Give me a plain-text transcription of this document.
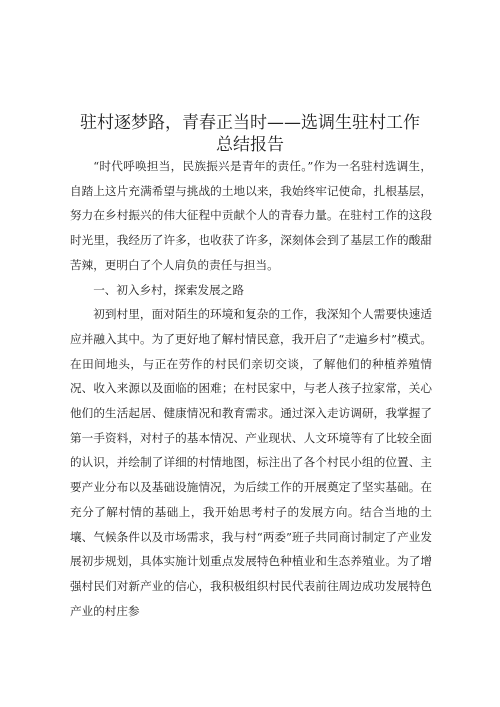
驻村逐梦路，青春正当时——选调生驻村工作
总结报告

“时代呼唤担当，民族振兴是青年的责任。”作为一名驻村选调生，自踏上这片充满希望与挑战的土地以来，我始终牢记使命，扎根基层，努力在乡村振兴的伟大征程中贡献个人的青春力量。在驻村工作的这段时光里，我经历了许多，也收获了许多，深刻体会到了基层工作的酸甜苦辣，更明白了个人肩负的责任与担当。

一、初入乡村，探索发展之路

初到村里，面对陌生的环境和复杂的工作，我深知个人需要快速适应并融入其中。为了更好地了解村情民意，我开启了“走遍乡村”模式。在田间地头，与正在劳作的村民们亲切交谈，了解他们的种植养殖情况、收入来源以及面临的困难；在村民家中，与老人孩子拉家常，关心他们的生活起居、健康情况和教育需求。通过深入走访调研，我掌握了第一手资料，对村子的基本情况、产业现状、人文环境等有了比较全面的认识，并绘制了详细的村情地图，标注出了各个村民小组的位置、主要产业分布以及基础设施情况，为后续工作的开展奠定了坚实基础。在充分了解村情的基础上，我开始思考村子的发展方向。结合当地的土壤、气候条件以及市场需求，我与村“两委”班子共同商讨制定了产业发展初步规划，具体实施计划重点发展特色种植业和生态养殖业。为了增强村民们对新产业的信心，我积极组织村民代表前往周边成功发展特色产业的村庄参
